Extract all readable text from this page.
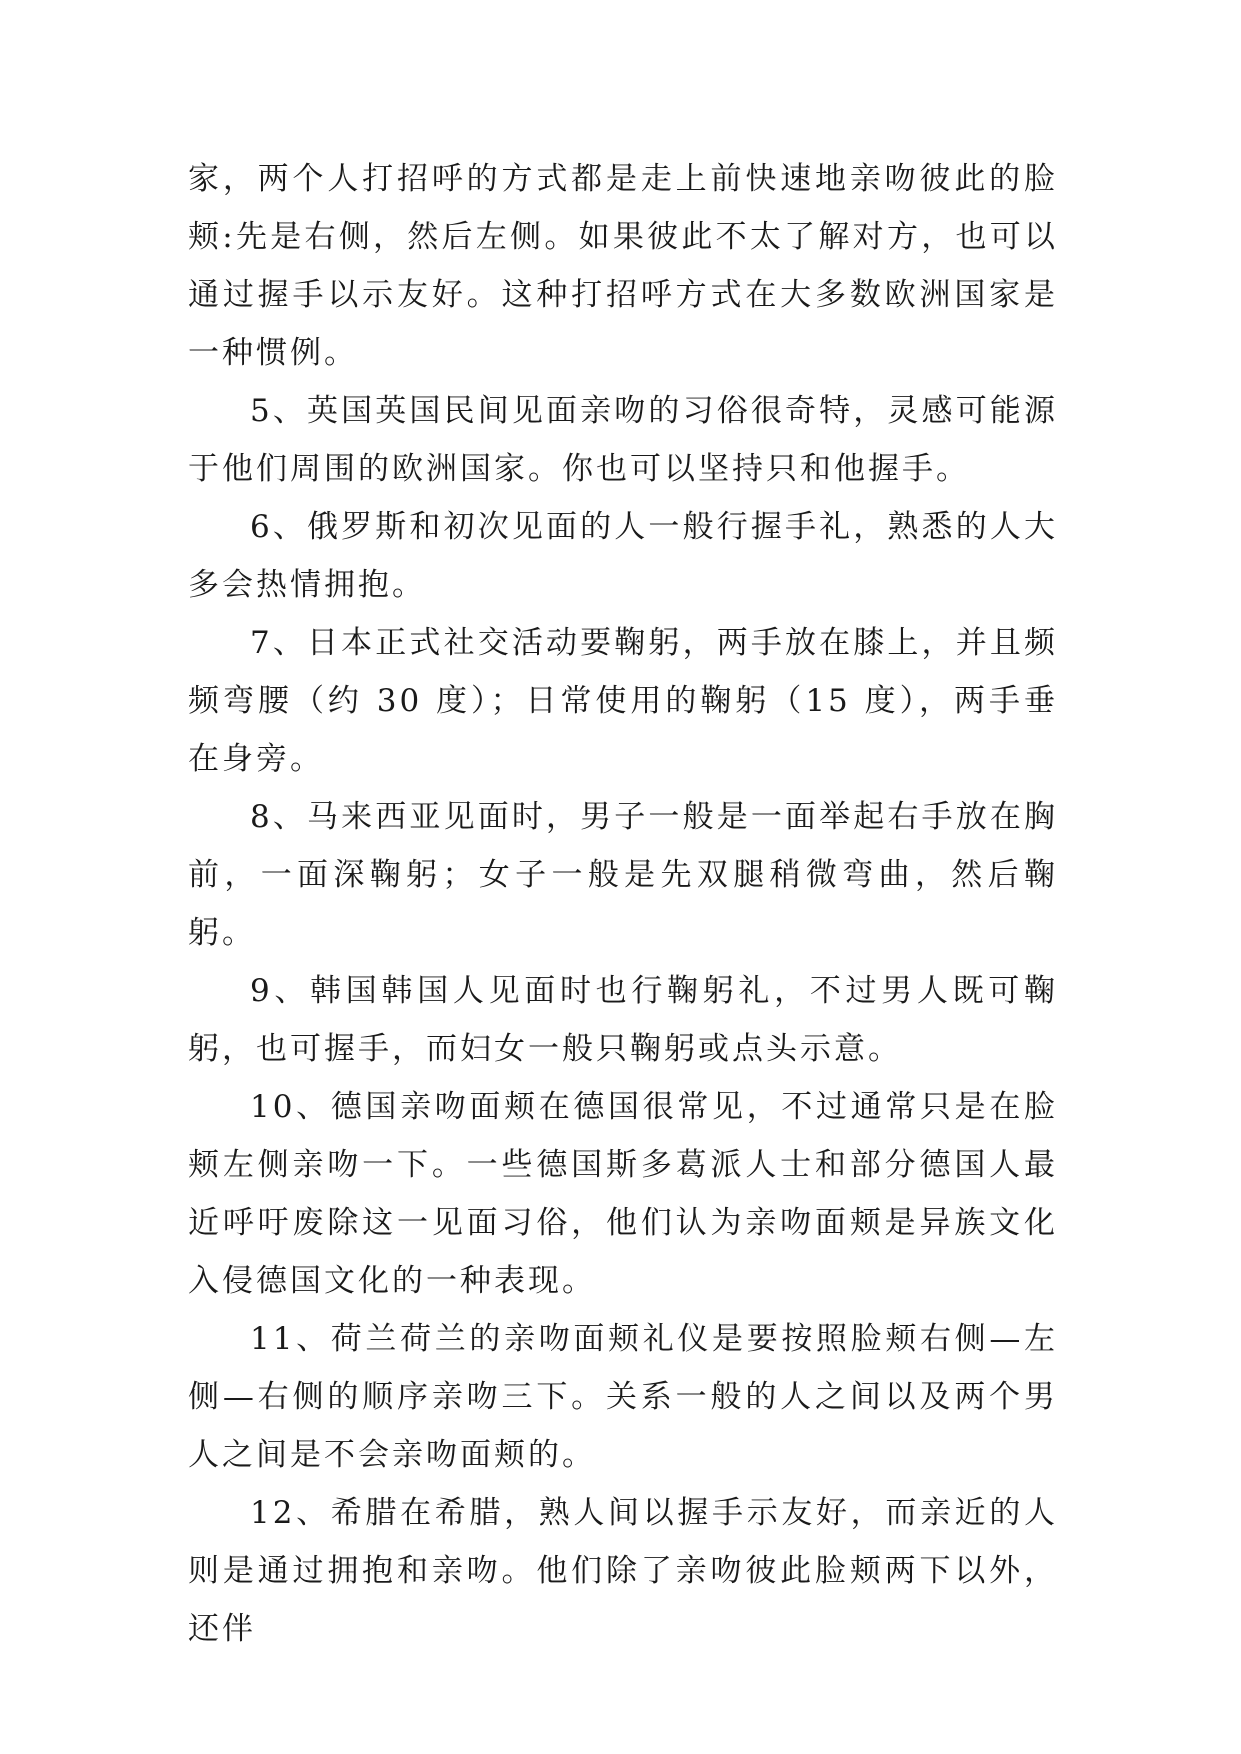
家，两个人打招呼的方式都是走上前快速地亲吻彼此的脸颊:先是右侧，然后左侧。如果彼此不太了解对方，也可以通过握手以示友好。这种打招呼方式在大多数欧洲国家是一种惯例。

5、英国英国民间见面亲吻的习俗很奇特，灵感可能源于他们周围的欧洲国家。你也可以坚持只和他握手。

6、俄罗斯和初次见面的人一般行握手礼，熟悉的人大多会热情拥抱。

7、日本正式社交活动要鞠躬，两手放在膝上，并且频频弯腰（约 30 度）；日常使用的鞠躬（15 度），两手垂在身旁。

8、马来西亚见面时，男子一般是一面举起右手放在胸前，一面深鞠躬；女子一般是先双腿稍微弯曲，然后鞠躬。

9、韩国韩国人见面时也行鞠躬礼，不过男人既可鞠躬，也可握手，而妇女一般只鞠躬或点头示意。

10、德国亲吻面颊在德国很常见，不过通常只是在脸颊左侧亲吻一下。一些德国斯多葛派人士和部分德国人最近呼吁废除这一见面习俗，他们认为亲吻面颊是异族文化入侵德国文化的一种表现。

11、荷兰荷兰的亲吻面颊礼仪是要按照脸颊右侧—左侧—右侧的顺序亲吻三下。关系一般的人之间以及两个男人之间是不会亲吻面颊的。

12、希腊在希腊，熟人间以握手示友好，而亲近的人则是通过拥抱和亲吻。他们除了亲吻彼此脸颊两下以外，还伴
